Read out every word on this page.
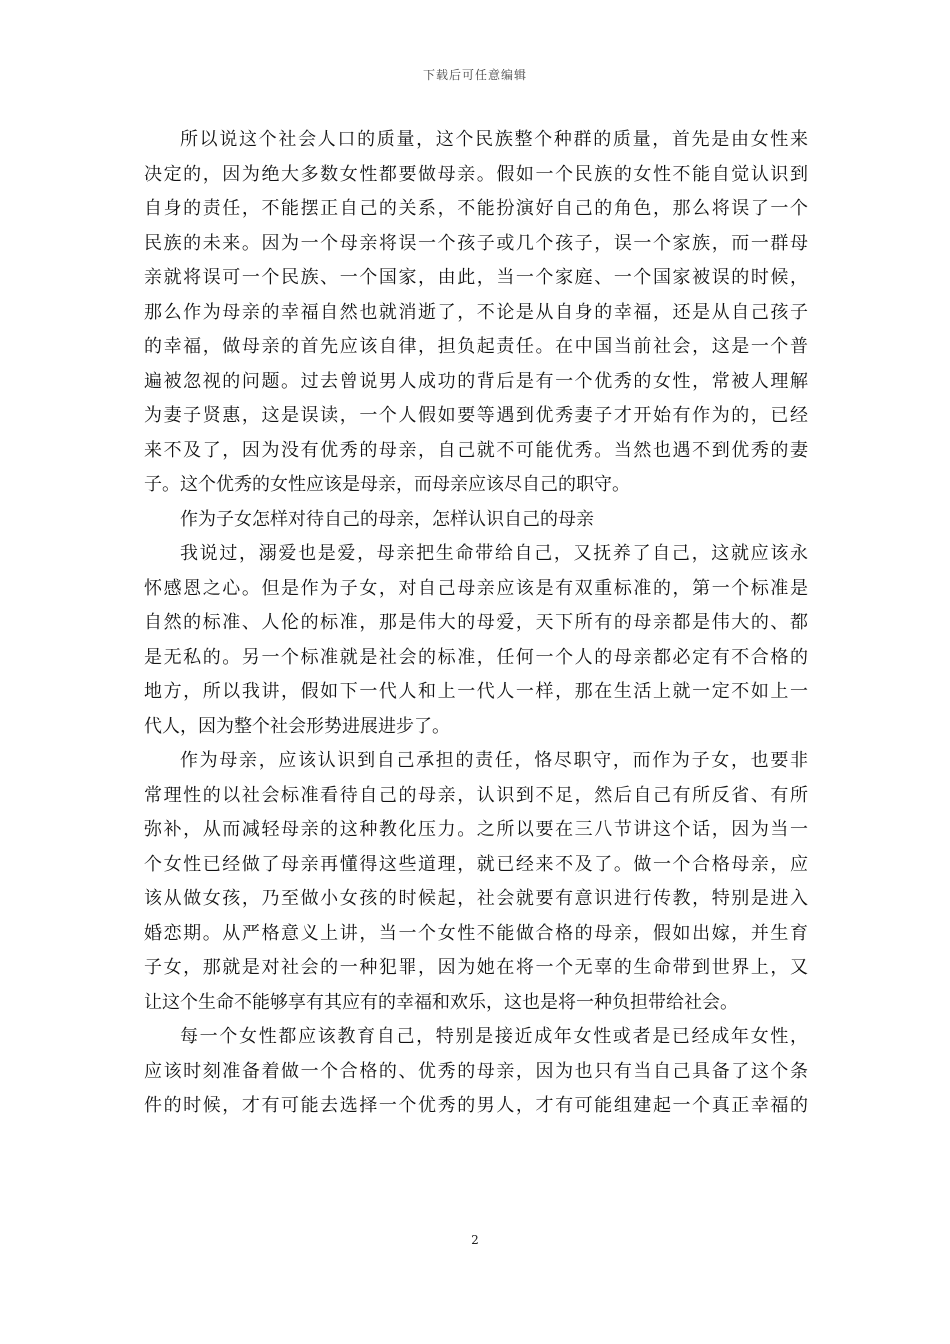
下载后可任意编辑
所以说这个社会人口的质量，这个民族整个种群的质量，首先是由女性来
决定的，因为绝大多数女性都要做母亲。假如一个民族的女性不能自觉认识到
自身的责任，不能摆正自己的关系，不能扮演好自己的角色，那么将误了一个
民族的未来。因为一个母亲将误一个孩子或几个孩子，误一个家族，而一群母
亲就将误可一个民族、一个国家，由此，当一个家庭、一个国家被误的时候，
那么作为母亲的幸福自然也就消逝了，不论是从自身的幸福，还是从自己孩子
的幸福，做母亲的首先应该自律，担负起责任。在中国当前社会，这是一个普
遍被忽视的问题。过去曾说男人成功的背后是有一个优秀的女性，常被人理解
为妻子贤惠，这是误读，一个人假如要等遇到优秀妻子才开始有作为的，已经
来不及了，因为没有优秀的母亲，自己就不可能优秀。当然也遇不到优秀的妻
子。这个优秀的女性应该是母亲，而母亲应该尽自己的职守。
作为子女怎样对待自己的母亲，怎样认识自己的母亲
我说过，溺爱也是爱，母亲把生命带给自己，又抚养了自己，这就应该永
怀感恩之心。但是作为子女，对自己母亲应该是有双重标准的，第一个标准是
自然的标准、人伦的标准，那是伟大的母爱，天下所有的母亲都是伟大的、都
是无私的。另一个标准就是社会的标准，任何一个人的母亲都必定有不合格的
地方，所以我讲，假如下一代人和上一代人一样，那在生活上就一定不如上一
代人，因为整个社会形势进展进步了。
作为母亲，应该认识到自己承担的责任，恪尽职守，而作为子女，也要非
常理性的以社会标准看待自己的母亲，认识到不足，然后自己有所反省、有所
弥补，从而减轻母亲的这种教化压力。之所以要在三八节讲这个话，因为当一
个女性已经做了母亲再懂得这些道理，就已经来不及了。做一个合格母亲，应
该从做女孩，乃至做小女孩的时候起，社会就要有意识进行传教，特别是进入
婚恋期。从严格意义上讲，当一个女性不能做合格的母亲，假如出嫁，并生育
子女，那就是对社会的一种犯罪，因为她在将一个无辜的生命带到世界上，又
让这个生命不能够享有其应有的幸福和欢乐，这也是将一种负担带给社会。
每一个女性都应该教育自己，特别是接近成年女性或者是已经成年女性，
应该时刻准备着做一个合格的、优秀的母亲，因为也只有当自己具备了这个条
件的时候，才有可能去选择一个优秀的男人，才有可能组建起一个真正幸福的
2
